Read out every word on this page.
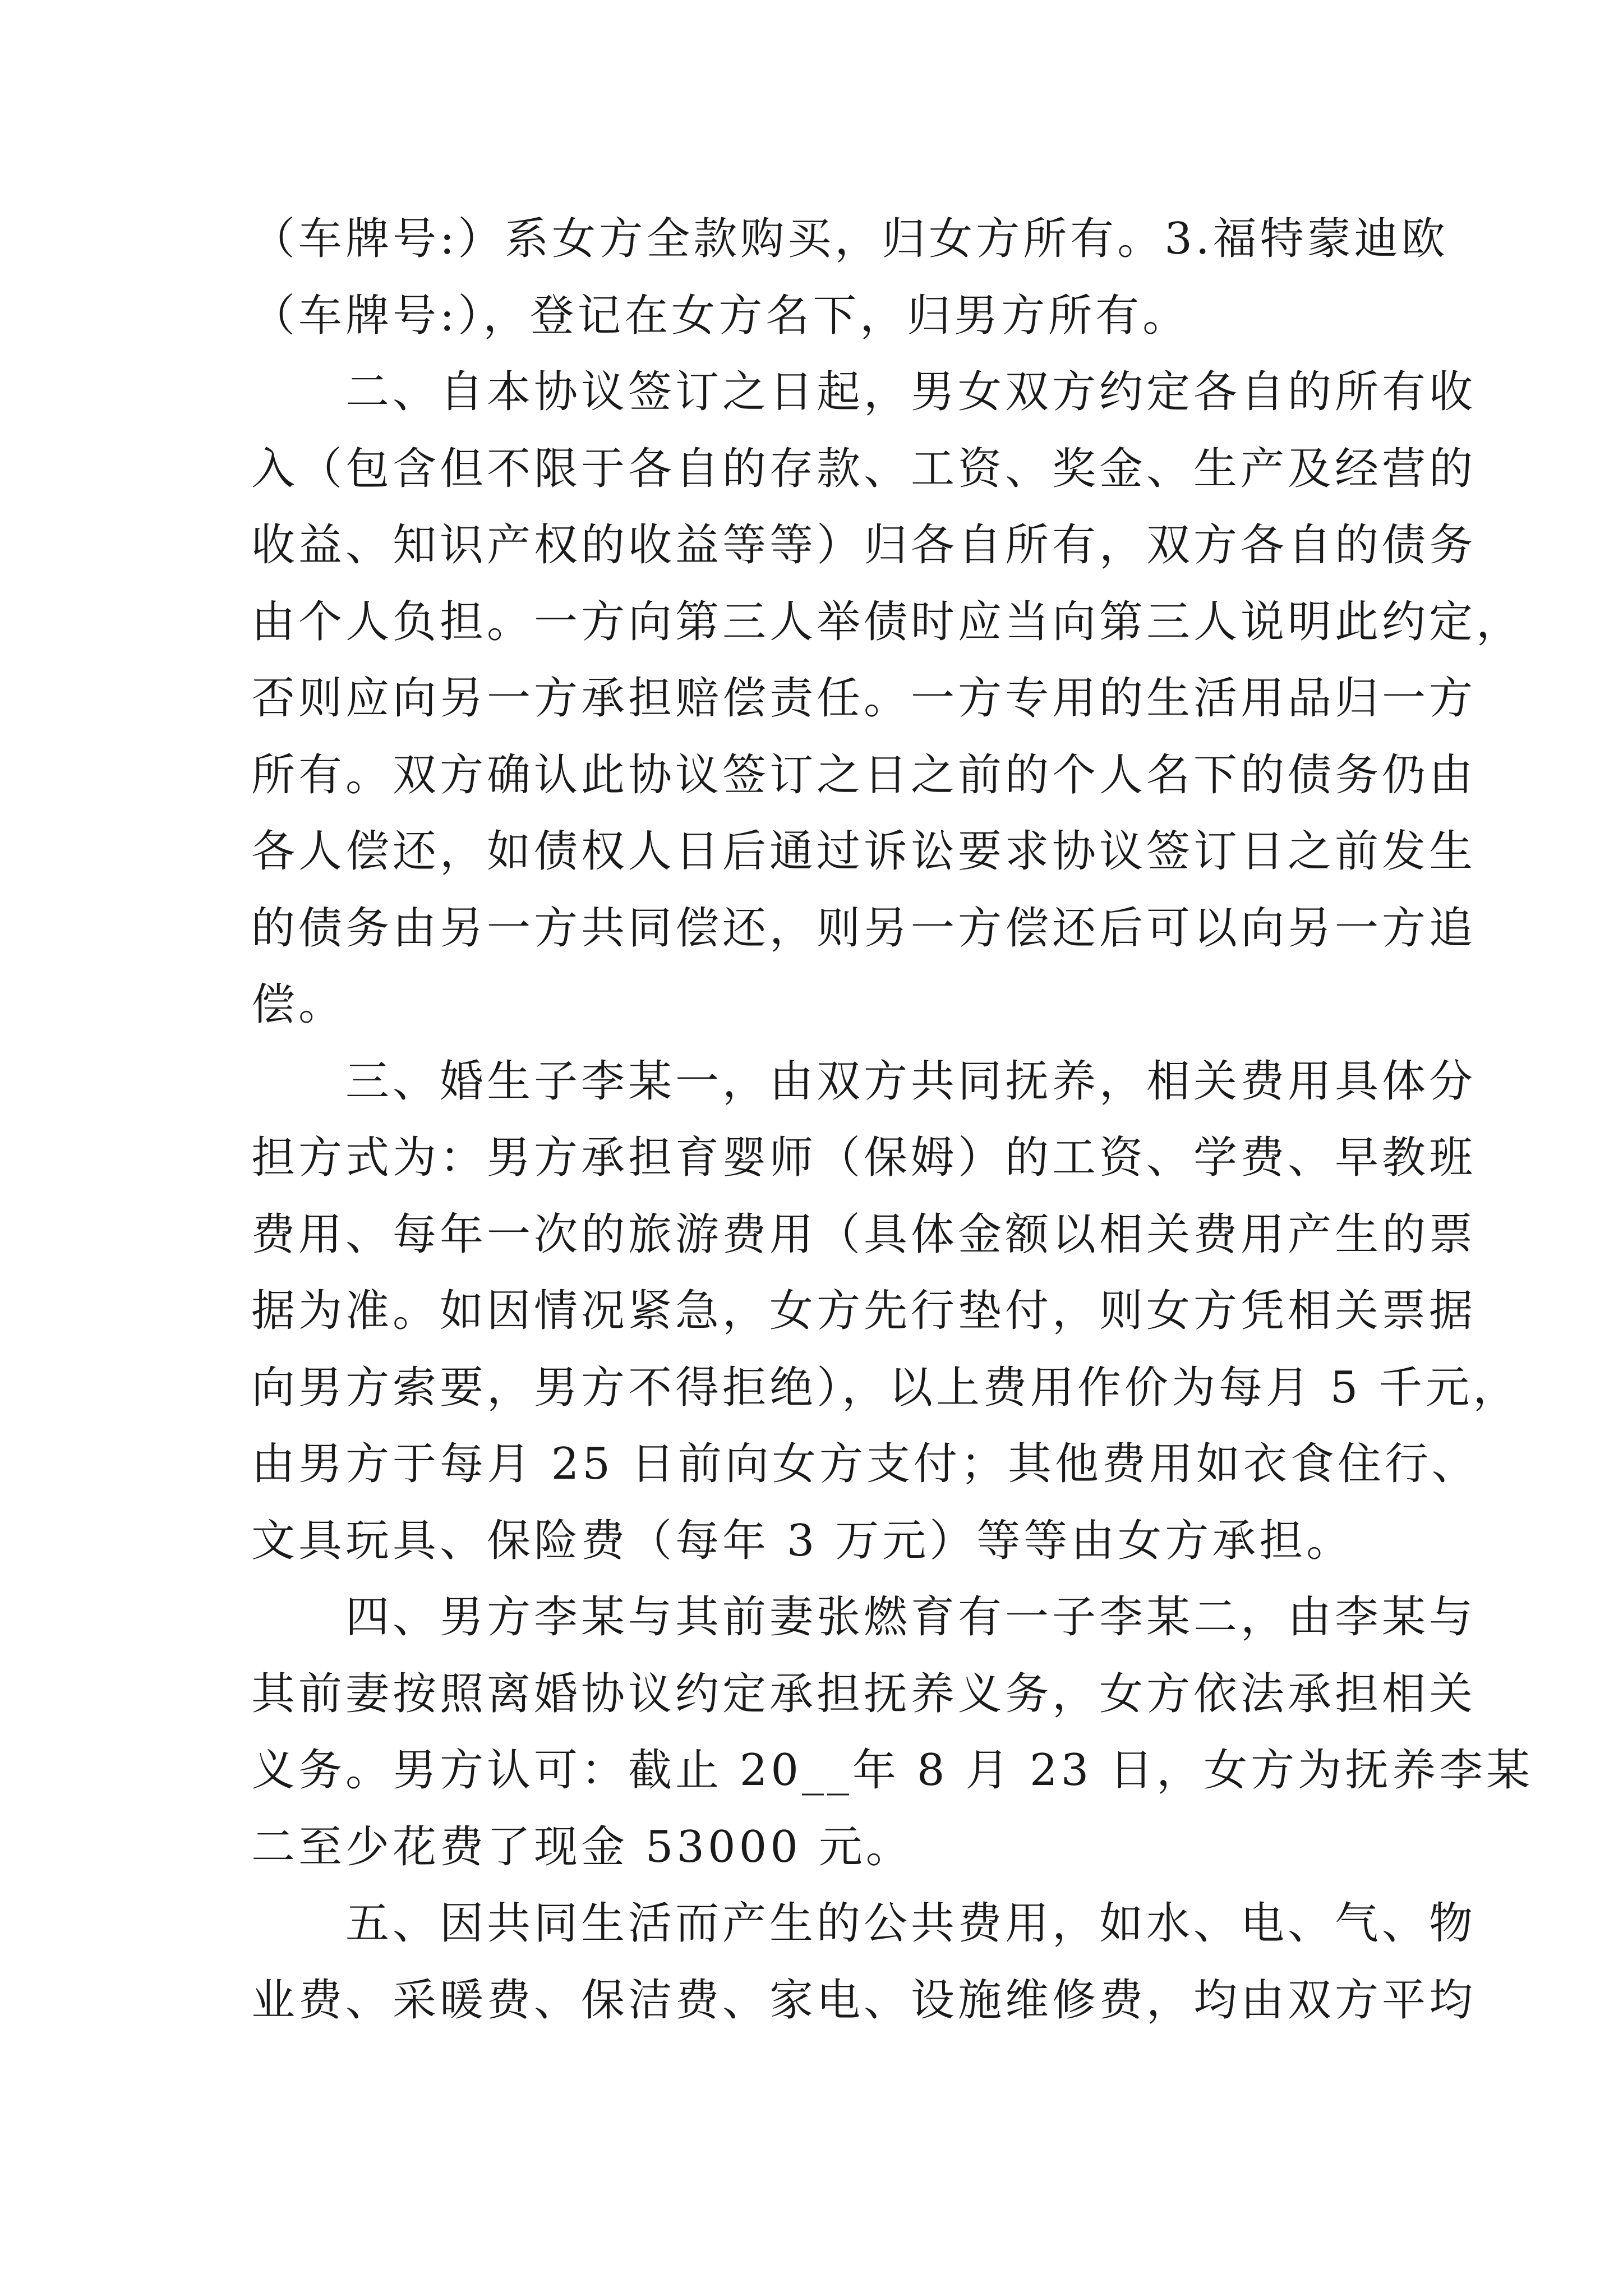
（车牌号:）系女方全款购买，归女方所有。3.福特蒙迪欧
（车牌号:），登记在女方名下，归男方所有。
二、自本协议签订之日起，男女双方约定各自的所有收
入（包含但不限于各自的存款、工资、奖金、生产及经营的
收益、知识产权的收益等等）归各自所有，双方各自的债务
由个人负担。一方向第三人举债时应当向第三人说明此约定，
否则应向另一方承担赔偿责任。一方专用的生活用品归一方
所有。双方确认此协议签订之日之前的个人名下的债务仍由
各人偿还，如债权人日后通过诉讼要求协议签订日之前发生
的债务由另一方共同偿还，则另一方偿还后可以向另一方追
偿。
三、婚生子李某一，由双方共同抚养，相关费用具体分
担方式为：男方承担育婴师（保姆）的工资、学费、早教班
费用、每年一次的旅游费用（具体金额以相关费用产生的票
据为准。如因情况紧急，女方先行垫付，则女方凭相关票据
向男方索要，男方不得拒绝），以上费用作价为每月 5 千元，
由男方于每月 25 日前向女方支付；其他费用如衣食住行、
文具玩具、保险费（每年 3 万元）等等由女方承担。
四、男方李某与其前妻张燃育有一子李某二，由李某与
其前妻按照离婚协议约定承担抚养义务，女方依法承担相关
义务。男方认可：截止 20__年 8 月 23 日，女方为抚养李某
二至少花费了现金 53000 元。
五、因共同生活而产生的公共费用，如水、电、气、物
业费、采暖费、保洁费、家电、设施维修费，均由双方平均
